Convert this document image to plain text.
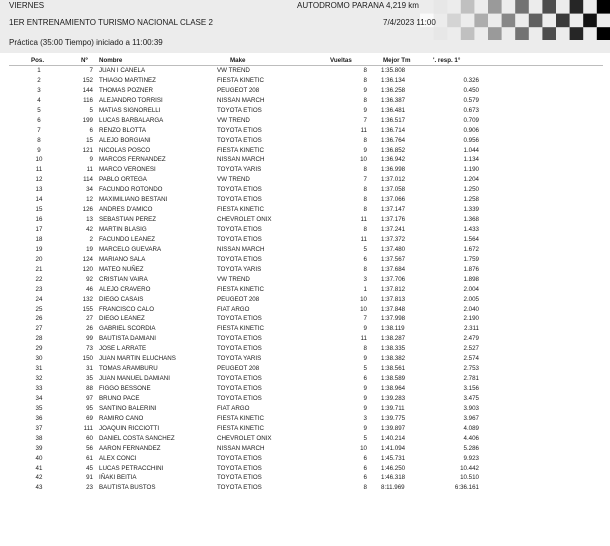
VIERNES	AUTODROMO PARANA 4,219 km
1ER ENTRENAMIENTO TURISMO NACIONAL CLASE 2	7/4/2023 11:00
Práctica (35:00 Tiempo) iniciado a 11:00:39
Pos.	Nº	Nombre	Make	Vueltas	Mejor Tm	'. resp. 1°
1	7 JUAN I CANELA	VW TREND	8 1:35.808
2	152 THIAGO MARTINEZ	FIESTA KINETIC	8 1:36.134	0.326
3	144 THOMAS POZNER	PEUGEOT 208	9 1:36.258	0.450
4	116 ALEJANDRO TORRISI	NISSAN MARCH	8 1:36.387	0.579
5	5 MATIAS SIGNORELLI	TOYOTA ETIOS	9 1:36.481	0.673
6	199 LUCAS BARBALARGA	VW TREND	7 1:36.517	0.709
7	6 RENZO BLOTTA	TOYOTA ETIOS	11 1:36.714	0.906
8	15 ALEJO BORGIANI	TOYOTA ETIOS	8 1:36.764	0.956
9	121 NICOLAS POSCO	FIESTA KINETIC	9 1:36.852	1.044
10	9 MARCOS FERNANDEZ	NISSAN MARCH	10 1:36.942	1.134
11	11 MARCO VERONESI	TOYOTA YARIS	8 1:36.998	1.190
12	114 PABLO ORTEGA	VW TREND	7 1:37.012	1.204
13	34 FACUNDO ROTONDO	TOYOTA ETIOS	8 1:37.058	1.250
14	12 MAXIMILIANO BESTANI	TOYOTA ETIOS	8 1:37.066	1.258
15	126 ANDRES D'AMICO	FIESTA KINETIC	8 1:37.147	1.339
16	13 SEBASTIAN PEREZ	CHEVROLET ONIX	11 1:37.176	1.368
17	42 MARTIN BLASIG	TOYOTA ETIOS	8 1:37.241	1.433
18	2 FACUNDO LEANEZ	TOYOTA ETIOS	11 1:37.372	1.564
19	19 MARCELO GUEVARA	NISSAN MARCH	5 1:37.480	1.672
20	124 MARIANO SALA	TOYOTA ETIOS	6 1:37.567	1.759
21	120 MATEO NUÑEZ	TOYOTA YARIS	8 1:37.684	1.876
22	92 CRISTIAN VAIRA	VW TREND	3 1:37.706	1.898
23	46 ALEJO CRAVERO	FIESTA KINETIC	1 1:37.812	2.004
24	132 DIEGO CASAIS	PEUGEOT 208	10 1:37.813	2.005
25	155 FRANCISCO CALO	FIAT ARGO	10 1:37.848	2.040
26	27 DIEGO LEANEZ	TOYOTA ETIOS	7 1:37.998	2.190
27	26 GABRIEL SCORDIA	FIESTA KINETIC	9 1:38.119	2.311
28	99 BAUTISTA DAMIANI	TOYOTA ETIOS	11 1:38.287	2.479
29	73 JOSE L ARRATE	TOYOTA ETIOS	8 1:38.335	2.527
30	150 JUAN MARTIN ELUCHANS	TOYOTA YARIS	9 1:38.382	2.574
31	31 TOMAS ARAMBURU	PEUGEOT 208	5 1:38.561	2.753
32	35 JUAN MANUEL DAMIANI	TOYOTA ETIOS	6 1:38.589	2.781
33	88 FIGGO BESSONE	TOYOTA ETIOS	9 1:38.964	3.156
34	97 BRUNO PACE	TOYOTA ETIOS	9 1:39.283	3.475
35	95 SANTINO BALERINI	FIAT ARGO	9 1:39.711	3.903
36	69 RAMIRO CANO	FIESTA KINETIC	3 1:39.775	3.967
37	111 JOAQUIN RICCIOTTI	FIESTA KINETIC	9 1:39.897	4.089
38	60 DANIEL COSTA SANCHEZ	CHEVROLET ONIX	5 1:40.214	4.406
39	56 AARON FERNANDEZ	NISSAN MARCH	10 1:41.094	5.286
40	61 ALEX CONCI	TOYOTA ETIOS	6 1:45.731	9.923
41	45 LUCAS PETRACCHINI	TOYOTA ETIOS	6 1:46.250	10.442
42	91 IÑAKI BEITIA	TOYOTA ETIOS	6 1:46.318	10.510
43	23 BAUTISTA BUSTOS	TOYOTA ETIOS	8 8:11.969	6:36.161
